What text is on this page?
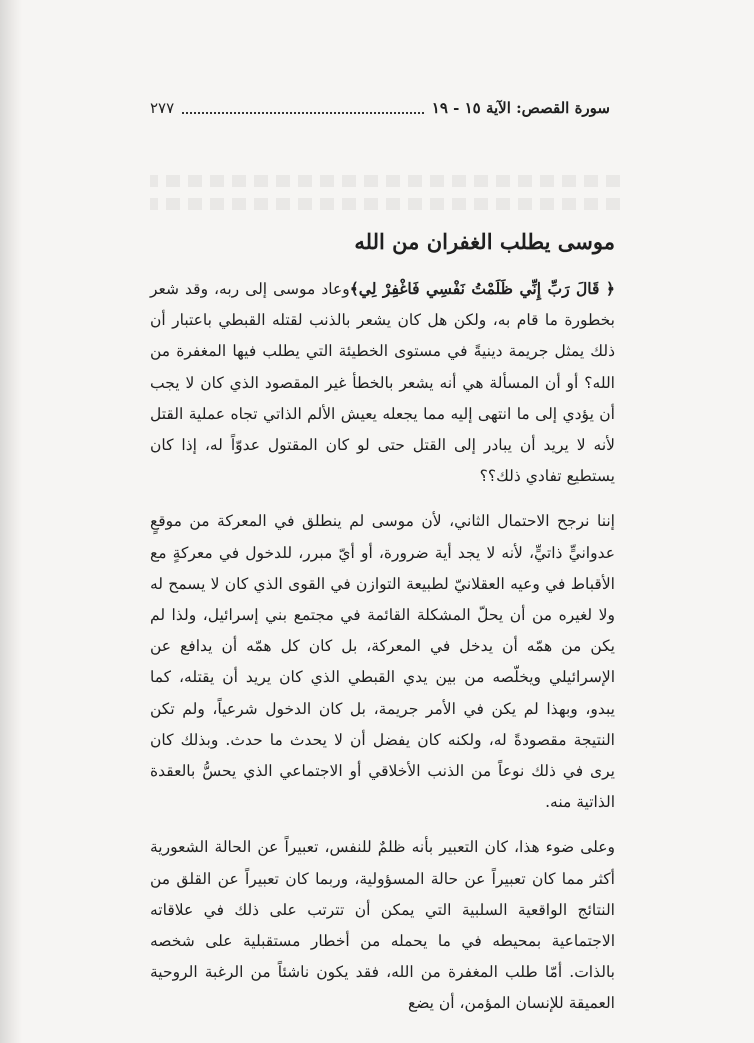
سورة القصص: الآية ١٥ - ١٩
٢٧٧
موسى يطلب الغفران من الله

﴿ قَالَ رَبِّ إِنِّي ظَلَمْتُ نَفْسِي فَاغْفِرْ لِي﴾وعاد موسى إلى ربه، وقد شعر بخطورة ما قام به، ولكن هل كان يشعر بالذنب لقتله القبطي باعتبار أن ذلك يمثل جريمة دينيةً في مستوى الخطيئة التي يطلب فيها المغفرة من الله؟ أو أن المسألة هي أنه يشعر بالخطأ غير المقصود الذي كان لا يجب أن يؤدي إلى ما انتهى إليه مما يجعله يعيش الألم الذاتي تجاه عملية القتل لأنه لا يريد أن يبادر إلى القتل حتى لو كان المقتول عدوّاً له، إذا كان يستطيع تفادي ذلك؟؟

إننا نرجح الاحتمال الثاني، لأن موسى لم ينطلق في المعركة من موقعٍ عدوانيٍّ ذاتيٍّ، لأنه لا يجد أية ضرورة، أو أيّ مبرر، للدخول في معركةٍ مع الأقباط في وعيه العقلانيّ لطبيعة التوازن في القوى الذي كان لا يسمح له ولا لغيره من أن يحلّ المشكلة القائمة في مجتمع بني إسرائيل، ولذا لم يكن من همّه أن يدخل في المعركة، بل كان كل همّه أن يدافع عن الإسرائيلي ويخلّصه من بين يدي القبطي الذي كان يريد أن يقتله، كما يبدو، وبهذا لم يكن في الأمر جريمة، بل كان الدخول شرعياً، ولم تكن النتيجة مقصودةً له، ولكنه كان يفضل أن لا يحدث ما حدث. وبذلك كان يرى في ذلك نوعاً من الذنب الأخلاقي أو الاجتماعي الذي يحسُّ بالعقدة الذاتية منه.

وعلى ضوء هذا، كان التعبير بأنه ظلمٌ للنفس، تعبيراً عن الحالة الشعورية أكثر مما كان تعبيراً عن حالة المسؤولية، وربما كان تعبيراً عن القلق من النتائج الواقعية السلبية التي يمكن أن تترتب على ذلك في علاقاته الاجتماعية بمحيطه في ما يحمله من أخطار مستقبلية على شخصه بالذات. أمّا طلب المغفرة من الله، فقد يكون ناشئاً من الرغبة الروحية العميقة للإنسان المؤمن، أن يضع
